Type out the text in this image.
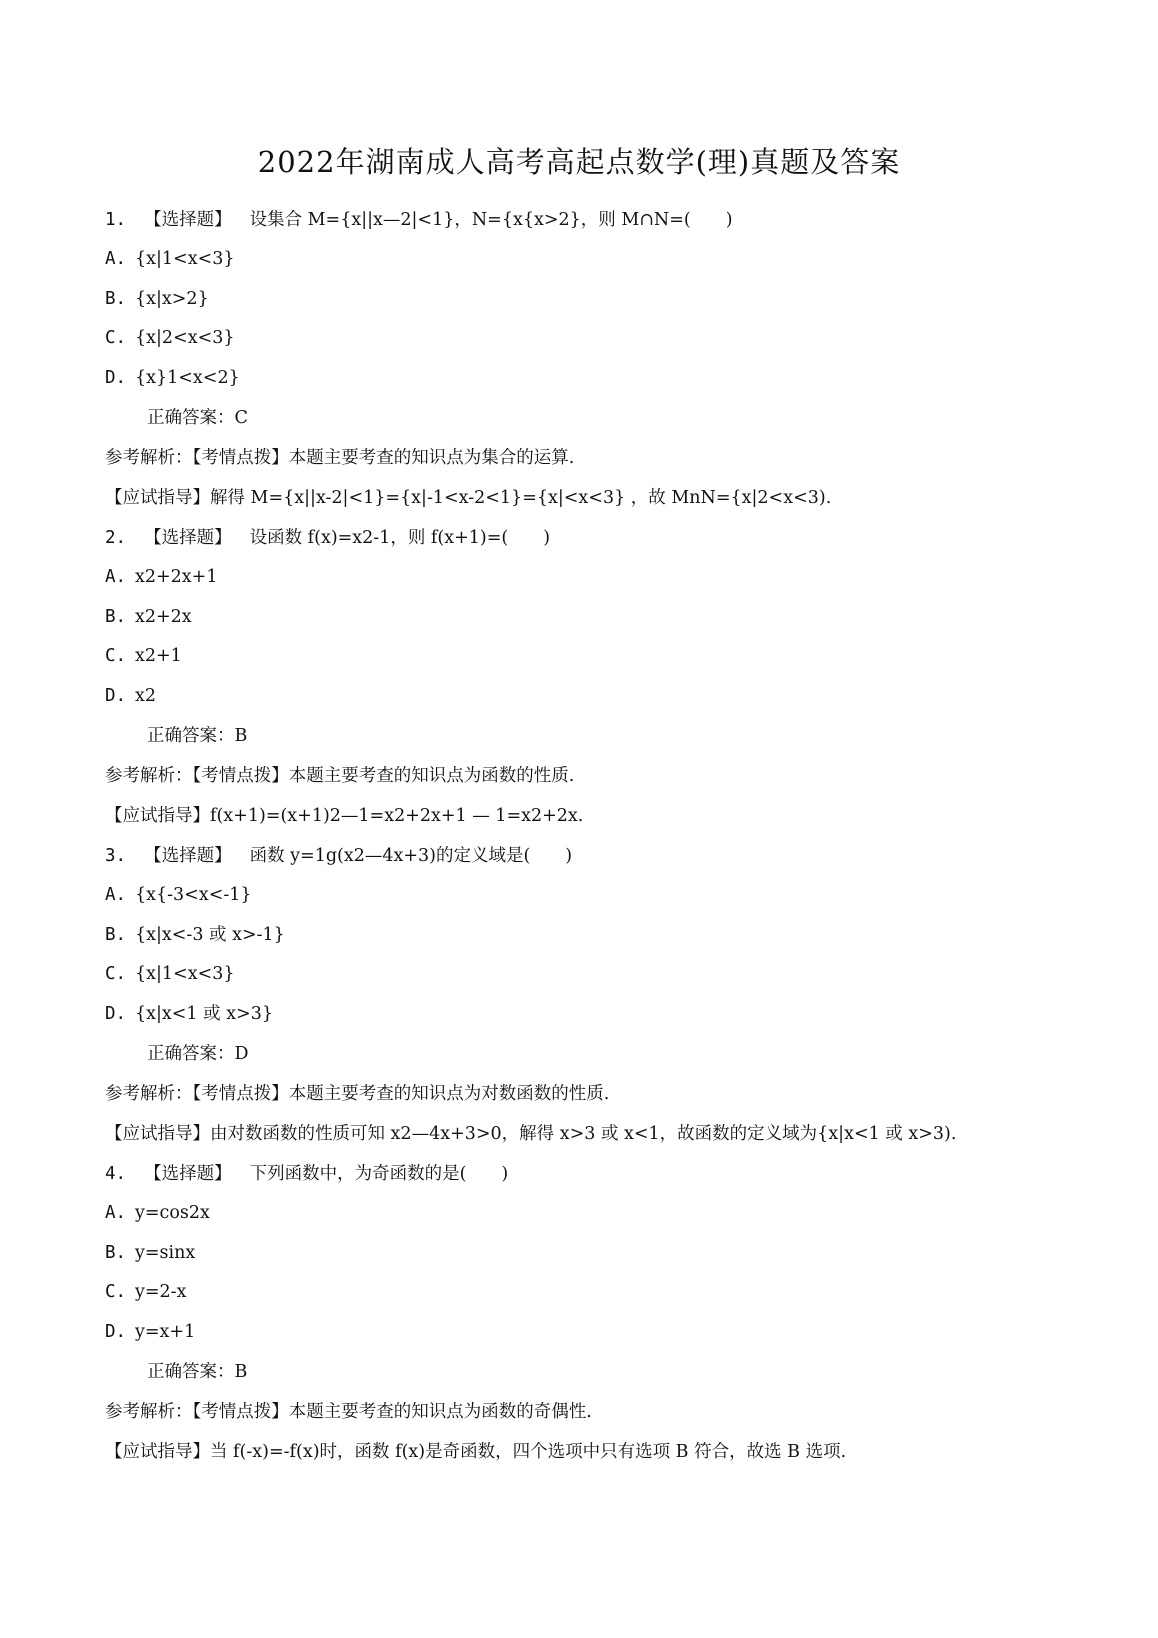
2022年湖南成人高考高起点数学(理)真题及答案
1. 【选择题】 设集合 M={x||x—2|<1}，N={x{x>2}，则 M∩N=(　　)
A. {x|1<x<3}
B. {x|x>2}
C. {x|2<x<3}
D. {x}1<x<2}
正确答案：C
参考解析：【考情点拨】本题主要考查的知识点为集合的运算.
【应试指导】解得 M={x||x-2|<1}={x|-1<x-2<1}={x|<x<3} ，故 MnN={x|2<x<3).
2. 【选择题】 设函数 f(x)=x2-1，则 f(x+1)=(　　)
A. x2+2x+1
B. x2+2x
C. x2+1
D. x2
正确答案：B
参考解析：【考情点拨】本题主要考查的知识点为函数的性质.
【应试指导】f(x+1)=(x+1)2—1=x2+2x+1 — 1=x2+2x.
3. 【选择题】 函数 y=1g(x2—4x+3)的定义域是(　　)
A. {x{-3<x<-1}
B. {x|x<-3 或 x>-1}
C. {x|1<x<3}
D. {x|x<1 或 x>3}
正确答案：D
参考解析：【考情点拨】本题主要考查的知识点为对数函数的性质.
【应试指导】由对数函数的性质可知 x2—4x+3>0，解得 x>3 或 x<1，故函数的定义域为{x|x<1 或 x>3).
4. 【选择题】 下列函数中，为奇函数的是(　　)
A. y=cos2x
B. y=sinx
C. y=2-x
D. y=x+1
正确答案：B
参考解析：【考情点拨】本题主要考查的知识点为函数的奇偶性.
【应试指导】当 f(-x)=-f(x)时，函数 f(x)是奇函数，四个选项中只有选项 B 符合，故选 B 选项.
